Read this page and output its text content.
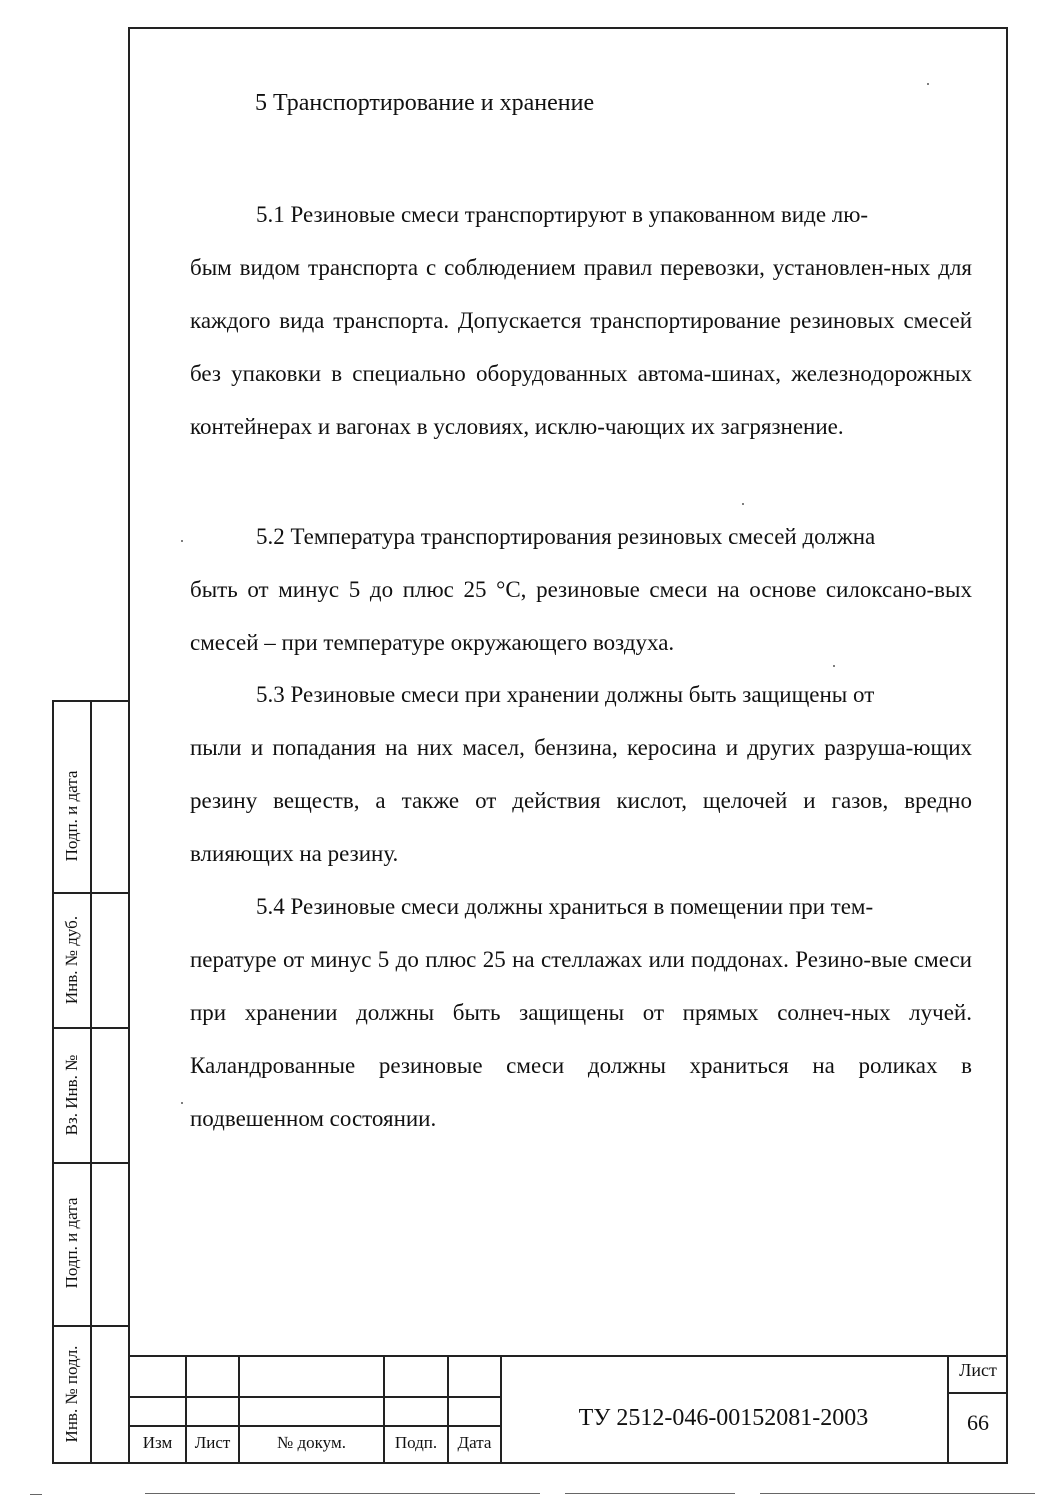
5 Транспортирование и хранение
5.1 Резиновые смеси транспортируют в упакованном виде лю-
бым видом транспорта с соблюдением правил перевозки, установлен-ных для каждого вида транспорта. Допускается транспортирование резиновых смесей без упаковки в специально оборудованных автома-шинах, железнодорожных контейнерах и вагонах в условиях, исклю-чающих их загрязнение.
5.2 Температура транспортирования резиновых смесей должна
быть от минус 5 до плюс 25 °С, резиновые смеси на основе силоксано-вых смесей – при температуре окружающего воздуха.
5.3 Резиновые смеси при хранении должны быть защищены от
пыли и попадания на них масел, бензина, керосина и других разруша-ющих резину веществ, а также от действия кислот, щелочей и газов, вредно влияющих на резину.
5.4 Резиновые смеси должны храниться в помещении при тем-
пературе от минус 5 до плюс 25 на стеллажах или поддонах. Резино-вые смеси при хранении должны быть защищены от прямых солнеч-ных лучей. Каландрованные резиновые смеси должны храниться на роликах в подвешенном состоянии.
Подп. и дата
Инв. № дуб.
Вз. Инв. №
Подп. и дата
Инв. № подл.
Изм	Лист	№ докум.	Подп.	Дата
ТУ 2512-046-00152081-2003
Лист
66
